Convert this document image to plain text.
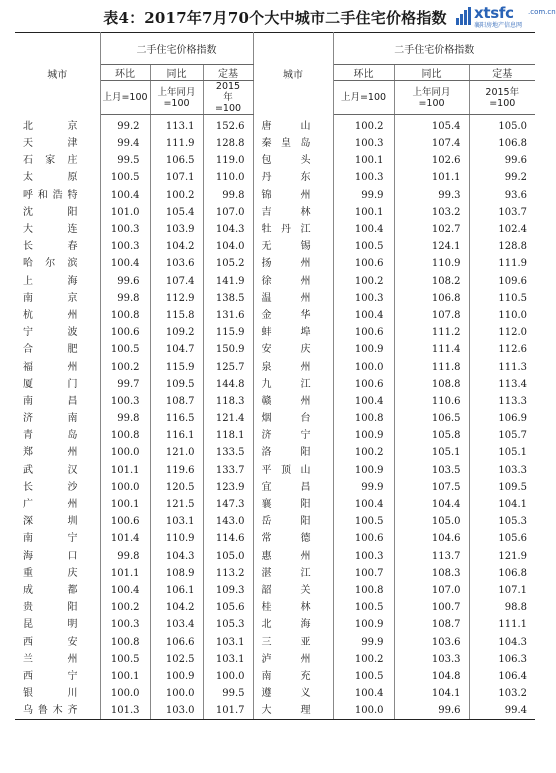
表4：2017年7月70个大中城市二手住宅价格指数	xtsfc .com.cn
襄阳房地产信息网
城市	二手住宅价格指数			城市	二手住宅价格指数		
	环比	同比	定基		环比	同比	定基
	上月=100	上年同月=100	2015年=100		上月=100	上年同月=100	2015年=100
北京	99.2	113.1	152.6	唐山	100.2	105.4	105.0
天津	99.4	111.9	128.8	秦皇岛	100.3	107.4	106.8
石家庄	99.5	106.5	119.0	包头	100.1	102.6	99.6
太原	100.5	107.1	110.0	丹东	100.3	101.1	99.2
呼和浩特	100.4	100.2	99.8	锦州	99.9	99.3	93.6
沈阳	101.0	105.4	107.0	吉林	100.1	103.2	103.7
大连	100.3	103.9	104.3	牡丹江	100.4	102.7	102.4
长春	100.3	104.2	104.0	无锡	100.5	124.1	128.8
哈尔滨	100.4	103.6	105.2	扬州	100.6	110.9	111.9
上海	99.6	107.4	141.9	徐州	100.2	108.2	109.6
南京	99.8	112.9	138.5	温州	100.3	106.8	110.5
杭州	100.8	115.8	131.6	金华	100.4	107.8	110.0
宁波	100.6	109.2	115.9	蚌埠	100.6	111.2	112.0
合肥	100.5	104.7	150.9	安庆	100.9	111.4	112.6
福州	100.2	115.9	125.7	泉州	100.0	111.8	111.3
厦门	99.7	109.5	144.8	九江	100.6	108.8	113.4
南昌	100.3	108.7	118.3	赣州	100.4	110.6	113.3
济南	99.8	116.5	121.4	烟台	100.8	106.5	106.9
青岛	100.8	116.1	118.1	济宁	100.9	105.8	105.7
郑州	100.0	121.0	133.5	洛阳	100.2	105.1	105.1
武汉	101.1	119.6	133.7	平顶山	100.9	103.5	103.3
长沙	100.0	120.5	123.9	宜昌	99.9	107.5	109.5
广州	100.1	121.5	147.3	襄阳	100.4	104.4	104.1
深圳	100.6	103.1	143.0	岳阳	100.5	105.0	105.3
南宁	101.4	110.9	114.6	常德	100.6	104.6	105.6
海口	99.8	104.3	105.0	惠州	100.3	113.7	121.9
重庆	101.1	108.9	113.2	湛江	100.7	108.3	106.8
成都	100.4	106.1	109.3	韶关	100.8	107.0	107.1
贵阳	100.2	104.2	105.6	桂林	100.5	100.7	98.8
昆明	100.3	103.4	105.3	北海	100.9	108.7	111.1
西安	100.8	106.6	103.1	三亚	99.9	103.6	104.3
兰州	100.5	102.5	103.1	泸州	100.2	103.3	106.3
西宁	100.1	100.9	100.0	南充	100.5	104.8	106.4
银川	100.0	100.0	99.5	遵义	100.4	104.1	103.2
乌鲁木齐	101.3	103.0	101.7	大理	100.0	99.6	99.4
